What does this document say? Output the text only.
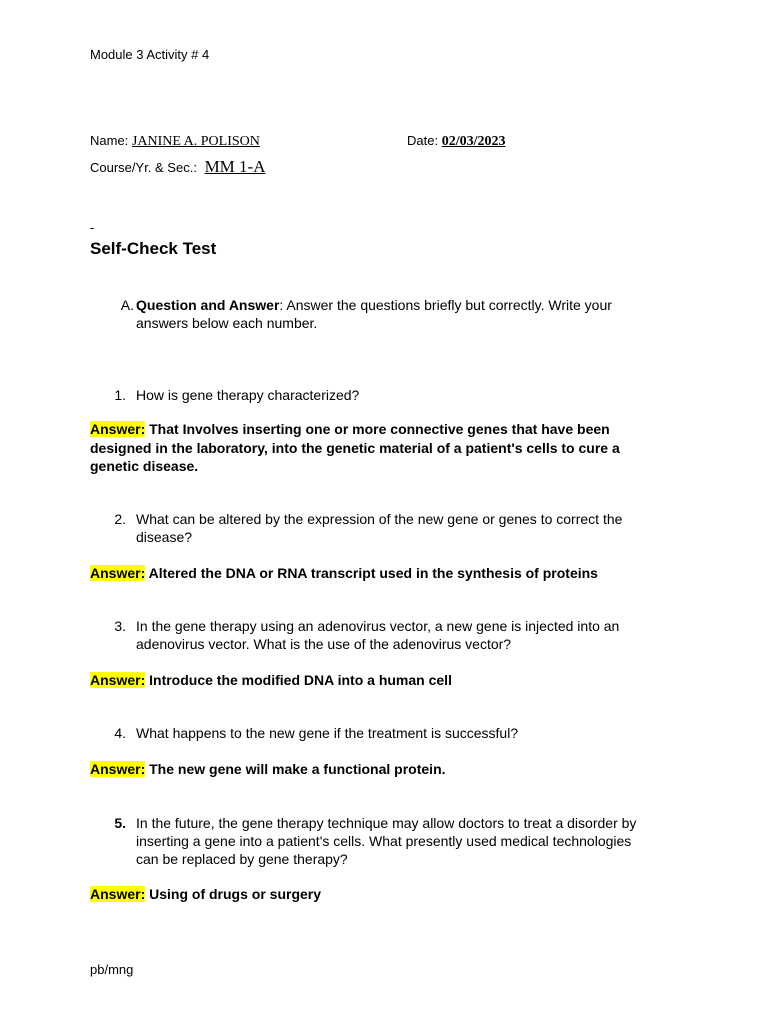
Module 3 Activity # 4
Name: JANINE A. POLISON	Date: 02/03/2023
Course/Yr. & Sec.: MM 1-A
-
Self-Check Test
A. Question and Answer: Answer the questions briefly but correctly. Write your
answers below each number.
1. How is gene therapy characterized?
Answer: That Involves inserting one or more connective genes that have been
designed in the laboratory, into the genetic material of a patient's cells to cure a
genetic disease.
2. What can be altered by the expression of the new gene or genes to correct the
disease?
Answer: Altered the DNA or RNA transcript used in the synthesis of proteins
3. In the gene therapy using an adenovirus vector, a new gene is injected into an
adenovirus vector. What is the use of the adenovirus vector?
Answer: Introduce the modified DNA into a human cell
4. What happens to the new gene if the treatment is successful?
Answer: The new gene will make a functional protein.
5. In the future, the gene therapy technique may allow doctors to treat a disorder by
inserting a gene into a patient's cells. What presently used medical technologies
can be replaced by gene therapy?
Answer: Using of drugs or surgery
pb/mng
